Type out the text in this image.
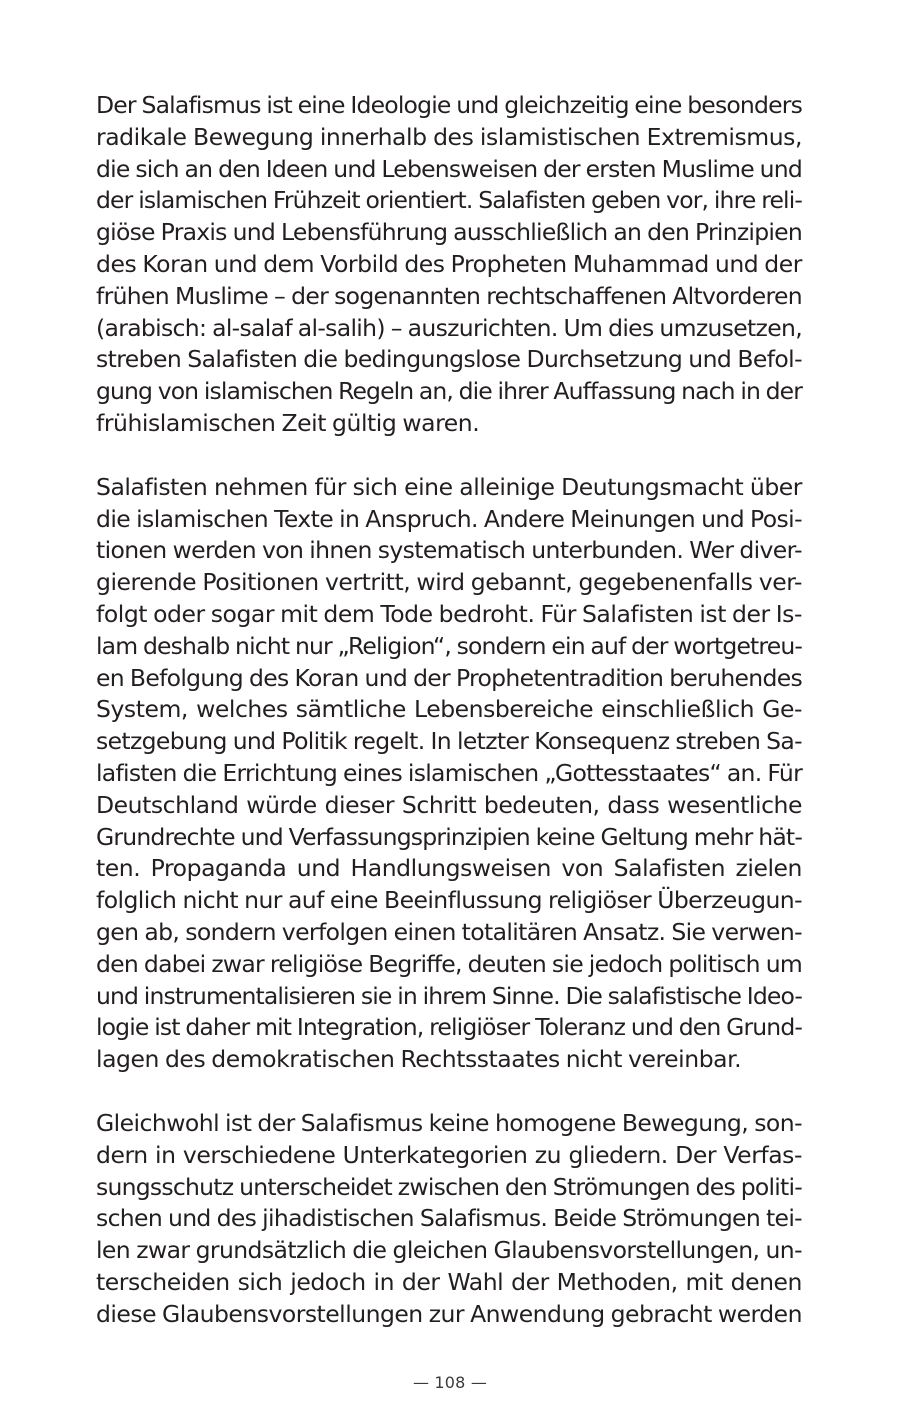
Der Salafismus ist eine Ideologie und gleichzeitig eine besonders
radikale Bewegung innerhalb des islamistischen Extremismus,
die sich an den Ideen und Lebensweisen der ersten Muslime und
der islamischen Frühzeit orientiert. Salafisten geben vor, ihre reli-
giöse Praxis und Lebensführung ausschließlich an den Prinzipien
des Koran und dem Vorbild des Propheten Muhammad und der
frühen Muslime – der sogenannten rechtschaffenen Altvorderen
(arabisch: al-salaf al-salih) – auszurichten. Um dies umzusetzen,
streben Salafisten die bedingungslose Durchsetzung und Befol-
gung von islamischen Regeln an, die ihrer Auffassung nach in der
frühislamischen Zeit gültig waren.
Salafisten nehmen für sich eine alleinige Deutungsmacht über
die islamischen Texte in Anspruch. Andere Meinungen und Posi-
tionen werden von ihnen systematisch unterbunden. Wer diver-
gierende Positionen vertritt, wird gebannt, gegebenenfalls ver-
folgt oder sogar mit dem Tode bedroht. Für Salafisten ist der Is-
lam deshalb nicht nur „Religion“, sondern ein auf der wortgetreu-
en Befolgung des Koran und der Prophetentradition beruhendes
System, welches sämtliche Lebensbereiche einschließlich Ge-
setzgebung und Politik regelt. In letzter Konsequenz streben Sa-
lafisten die Errichtung eines islamischen „Gottesstaates“ an. Für
Deutschland würde dieser Schritt bedeuten, dass wesentliche
Grundrechte und Verfassungsprinzipien keine Geltung mehr hät-
ten. Propaganda und Handlungsweisen von Salafisten zielen
folglich nicht nur auf eine Beeinflussung religiöser Überzeugun-
gen ab, sondern verfolgen einen totalitären Ansatz. Sie verwen-
den dabei zwar religiöse Begriffe, deuten sie jedoch politisch um
und instrumentalisieren sie in ihrem Sinne. Die salafistische Ideo-
logie ist daher mit Integration, religiöser Toleranz und den Grund-
lagen des demokratischen Rechtsstaates nicht vereinbar.
Gleichwohl ist der Salafismus keine homogene Bewegung, son-
dern in verschiedene Unterkategorien zu gliedern. Der Verfas-
sungsschutz unterscheidet zwischen den Strömungen des politi-
schen und des jihadistischen Salafismus. Beide Strömungen tei-
len zwar grundsätzlich die gleichen Glaubensvorstellungen, un-
terscheiden sich jedoch in der Wahl der Methoden, mit denen
diese Glaubensvorstellungen zur Anwendung gebracht werden
— 108 —
